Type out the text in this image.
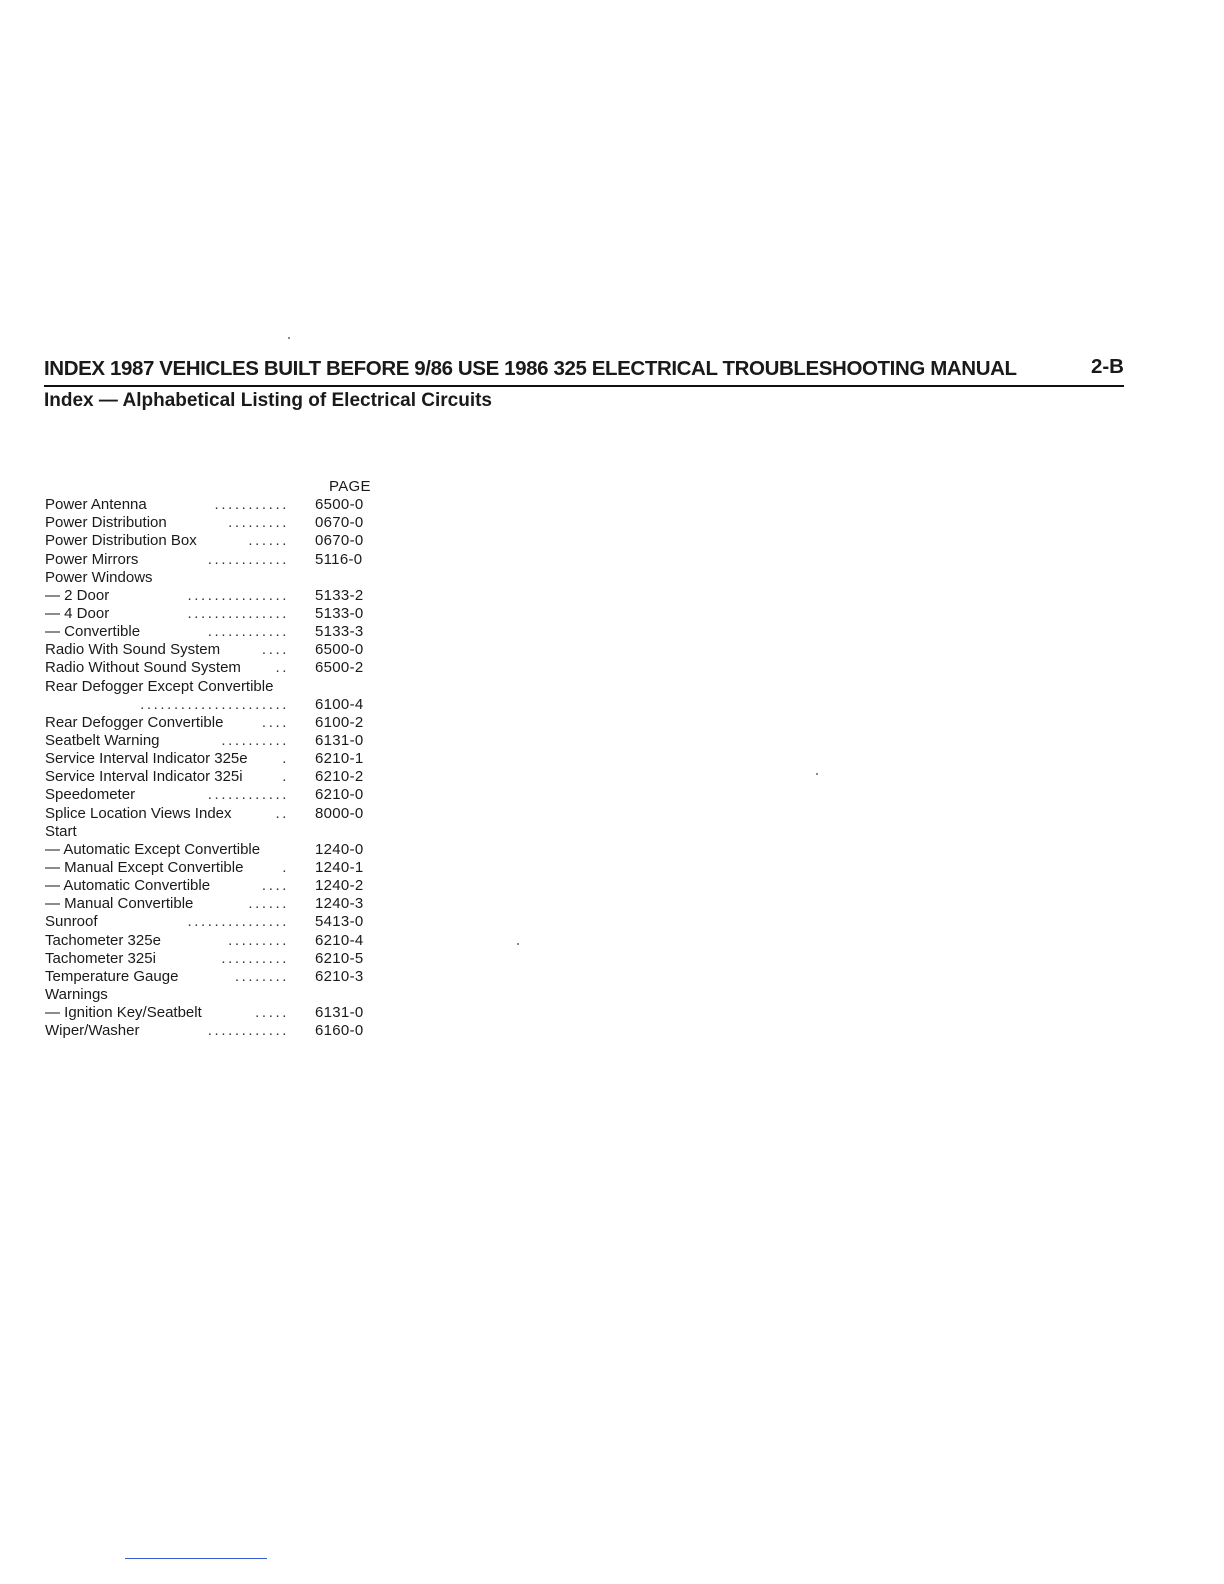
INDEX 1987 VEHICLES BUILT BEFORE 9/86 USE 1986 325 ELECTRICAL TROUBLESHOOTING MANUAL	2-B
Index — Alphabetical Listing of Electrical Circuits
PAGE
Power Antenna	........... 6500-0
Power Distribution	......... 0670-0
Power Distribution Box	...... 0670-0
Power Mirrors	............ 5116-0
Power Windows
— 2 Door	............... 5133-2
— 4 Door	............... 5133-0
— Convertible	............ 5133-3
Radio With Sound System	.... 6500-0
Radio Without Sound System .. 6500-2
Rear Defogger Except Convertible
...................... 6100-4
Rear Defogger Convertible	.... 6100-2
Seatbelt Warning	.......... 6131-0
Service Interval Indicator 325e . 6210-1
Service Interval Indicator 325i	. 6210-2
Speedometer	............ 6210-0
Splice Location Views Index	.. 8000-0
Start
— Automatic Except Convertible	1240-0
— Manual Except Convertible	. 1240-1
— Automatic Convertible	.... 1240-2
— Manual Convertible	...... 1240-3
Sunroof	............... 5413-0
Tachometer 325e	......... 6210-4
Tachometer 325i	.......... 6210-5
Temperature Gauge	........ 6210-3
Warnings
— Ignition Key/Seatbelt	..... 6131-0
Wiper/Washer	............ 6160-0
